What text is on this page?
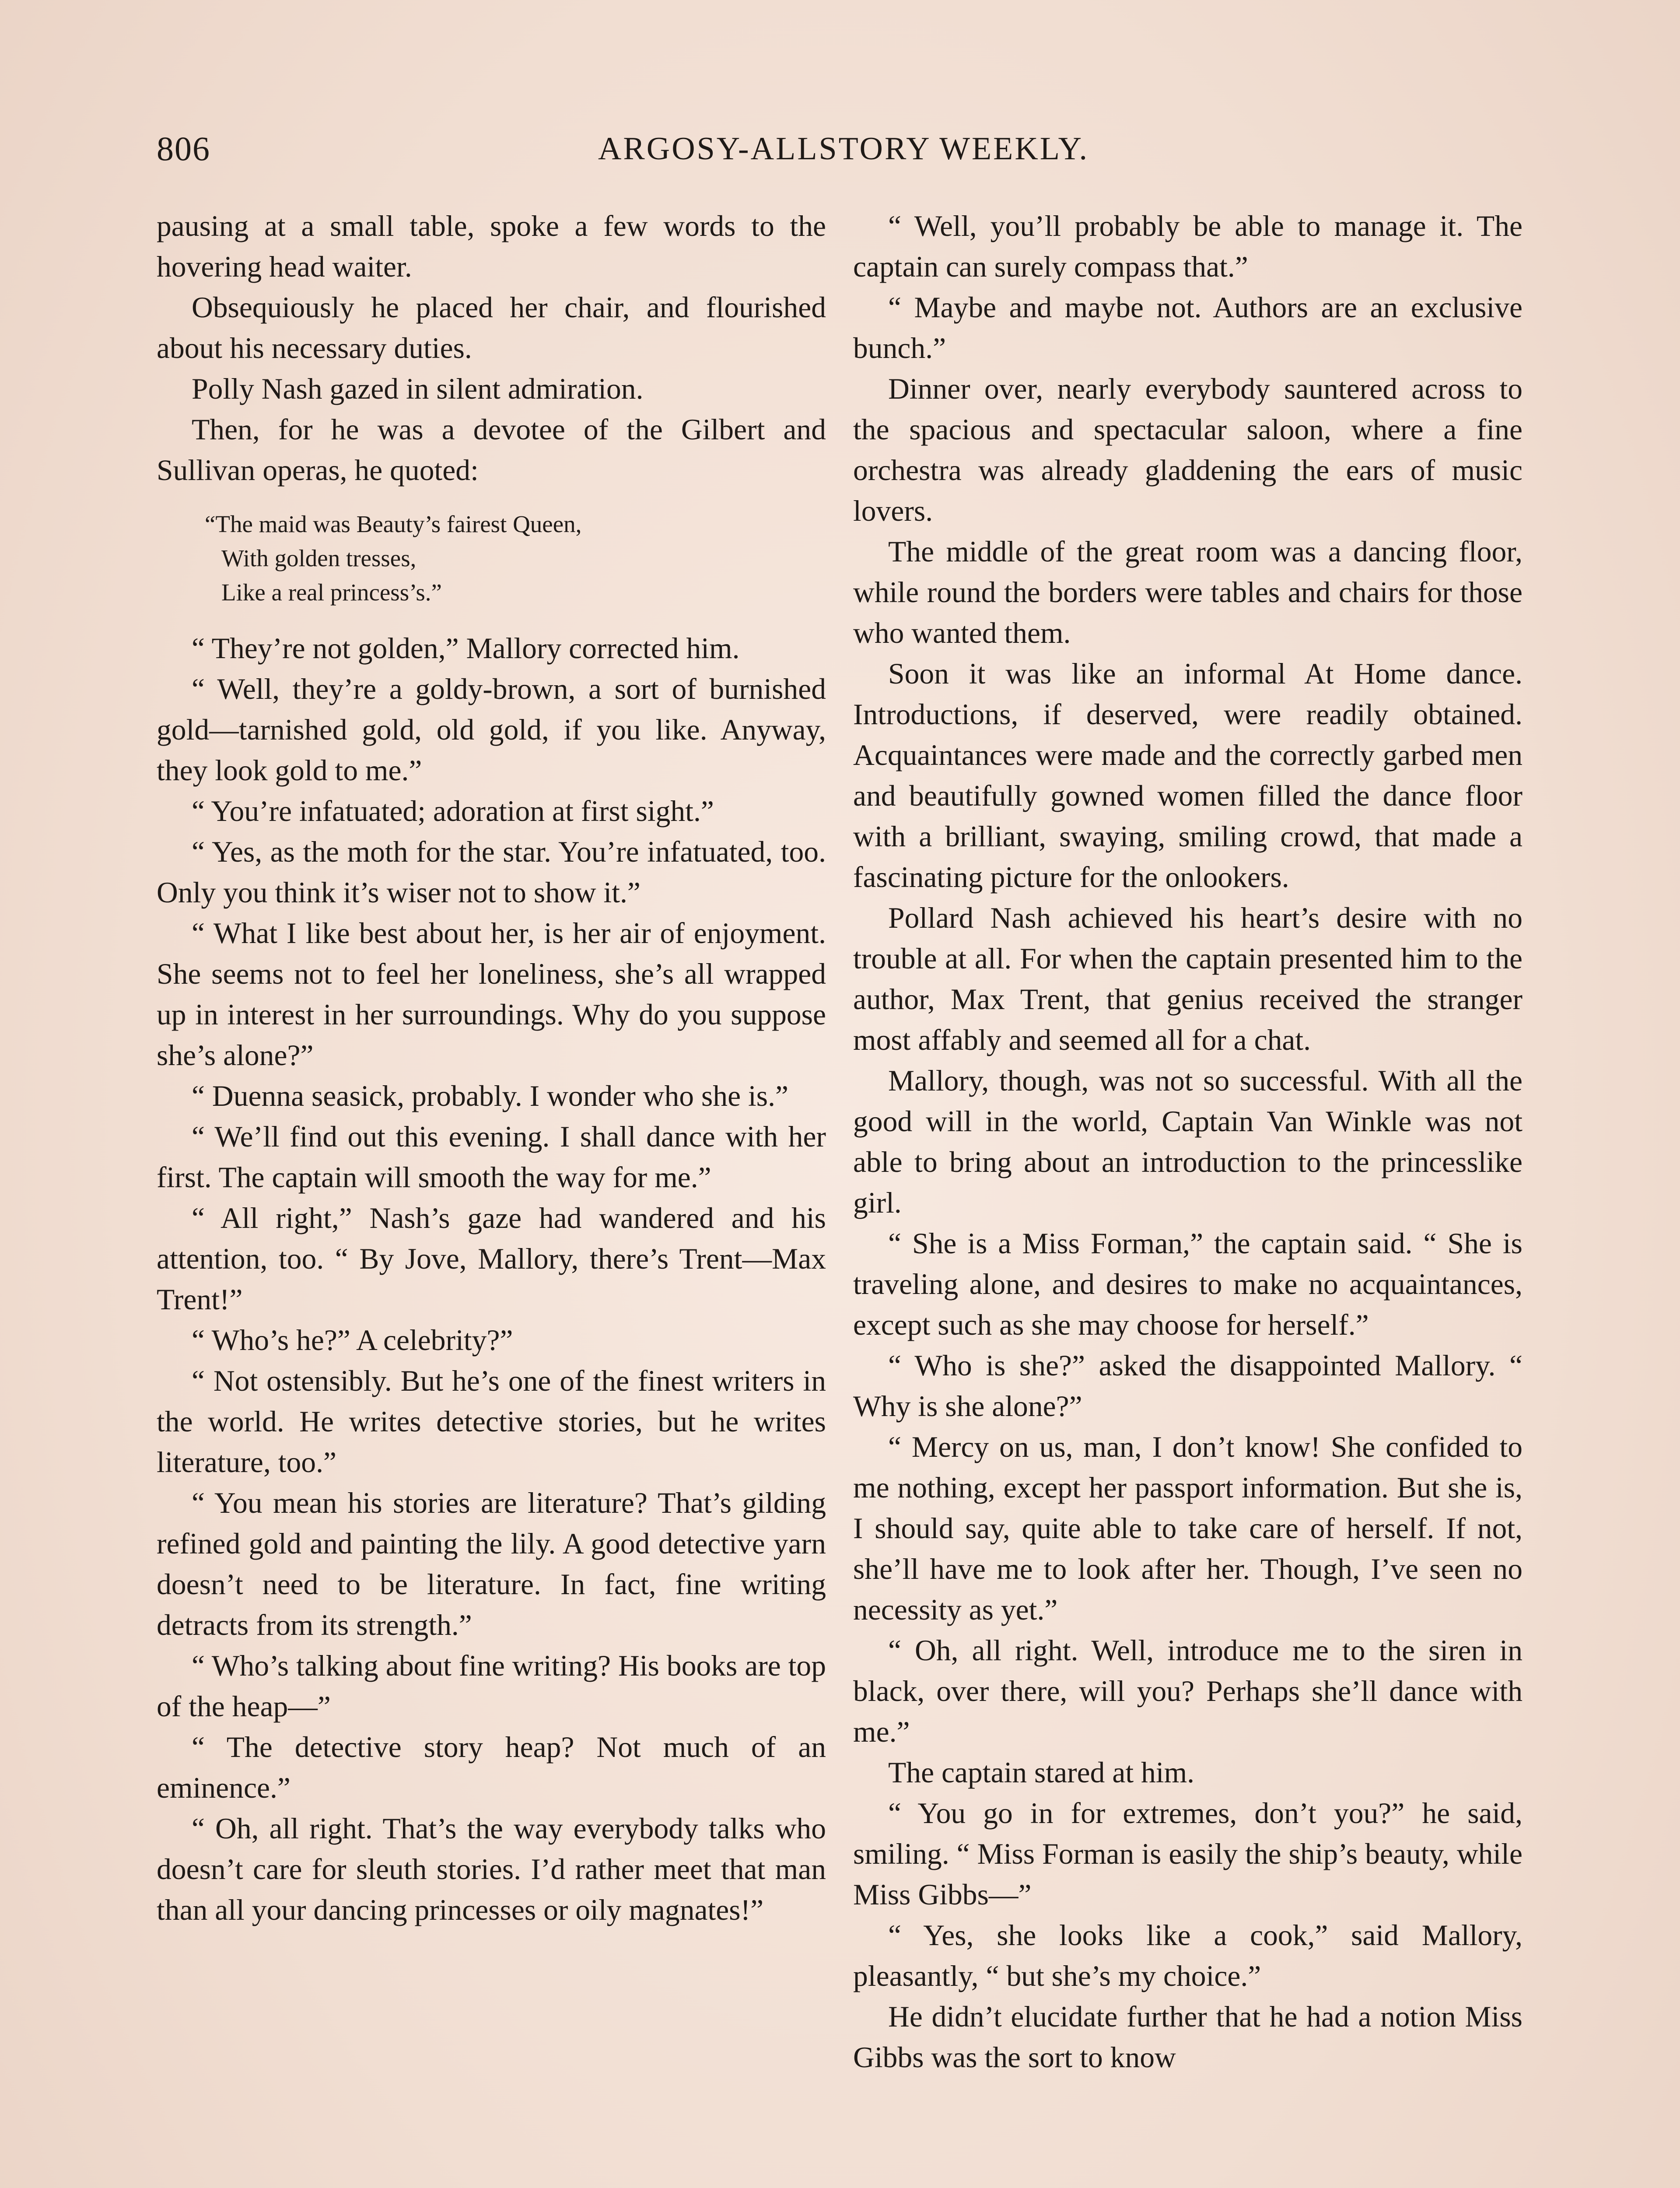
806	ARGOSY-ALLSTORY WEEKLY.

pausing at a small table, spoke a few words to the hovering head waiter.

Obsequiously he placed her chair, and flourished about his necessary duties.

Polly Nash gazed in silent admiration.

Then, for he was a devotee of the Gilbert and Sullivan operas, he quoted:

“The maid was Beauty’s fairest Queen,
With golden tresses,
Like a real princess’s.”

“ They’re not golden,” Mallory corrected him.

“ Well, they’re a goldy-brown, a sort of burnished gold—tarnished gold, old gold, if you like. Anyway, they look gold to me.”

“ You’re infatuated; adoration at first sight.”

“ Yes, as the moth for the star. You’re infatuated, too. Only you think it’s wiser not to show it.”

“ What I like best about her, is her air of enjoyment. She seems not to feel her loneliness, she’s all wrapped up in interest in her surroundings. Why do you suppose she’s alone?”

“ Duenna seasick, probably. I wonder who she is.”

“ We’ll find out this evening. I shall dance with her first. The captain will smooth the way for me.”

“ All right,” Nash’s gaze had wandered and his attention, too. “ By Jove, Mallory, there’s Trent—Max Trent!”

“ Who’s he?” A celebrity?”

“ Not ostensibly. But he’s one of the finest writers in the world. He writes detective stories, but he writes literature, too.”

“ You mean his stories are literature? That’s gilding refined gold and painting the lily. A good detective yarn doesn’t need to be literature. In fact, fine writing detracts from its strength.”

“ Who’s talking about fine writing? His books are top of the heap—”

“ The detective story heap? Not much of an eminence.”

“ Oh, all right. That’s the way everybody talks who doesn’t care for sleuth stories. I’d rather meet that man than all your dancing princesses or oily magnates!”

“ Well, you’ll probably be able to manage it. The captain can surely compass that.”

“ Maybe and maybe not. Authors are an exclusive bunch.”

Dinner over, nearly everybody sauntered across to the spacious and spectacular saloon, where a fine orchestra was already gladdening the ears of music lovers.

The middle of the great room was a dancing floor, while round the borders were tables and chairs for those who wanted them.

Soon it was like an informal At Home dance. Introductions, if deserved, were readily obtained. Acquaintances were made and the correctly garbed men and beautifully gowned women filled the dance floor with a brilliant, swaying, smiling crowd, that made a fascinating picture for the onlookers.

Pollard Nash achieved his heart’s desire with no trouble at all. For when the captain presented him to the author, Max Trent, that genius received the stranger most affably and seemed all for a chat.

Mallory, though, was not so successful. With all the good will in the world, Captain Van Winkle was not able to bring about an introduction to the princesslike girl.

“ She is a Miss Forman,” the captain said. “ She is traveling alone, and desires to make no acquaintances, except such as she may choose for herself.”

“ Who is she?” asked the disappointed Mallory. “ Why is she alone?”

“ Mercy on us, man, I don’t know! She confided to me nothing, except her passport information. But she is, I should say, quite able to take care of herself. If not, she’ll have me to look after her. Though, I’ve seen no necessity as yet.”

“ Oh, all right. Well, introduce me to the siren in black, over there, will you? Perhaps she’ll dance with me.”

The captain stared at him.

“ You go in for extremes, don’t you?” he said, smiling. “ Miss Forman is easily the ship’s beauty, while Miss Gibbs—”

“ Yes, she looks like a cook,” said Mallory, pleasantly, “ but she’s my choice.”

He didn’t elucidate further that he had a notion Miss Gibbs was the sort to know
